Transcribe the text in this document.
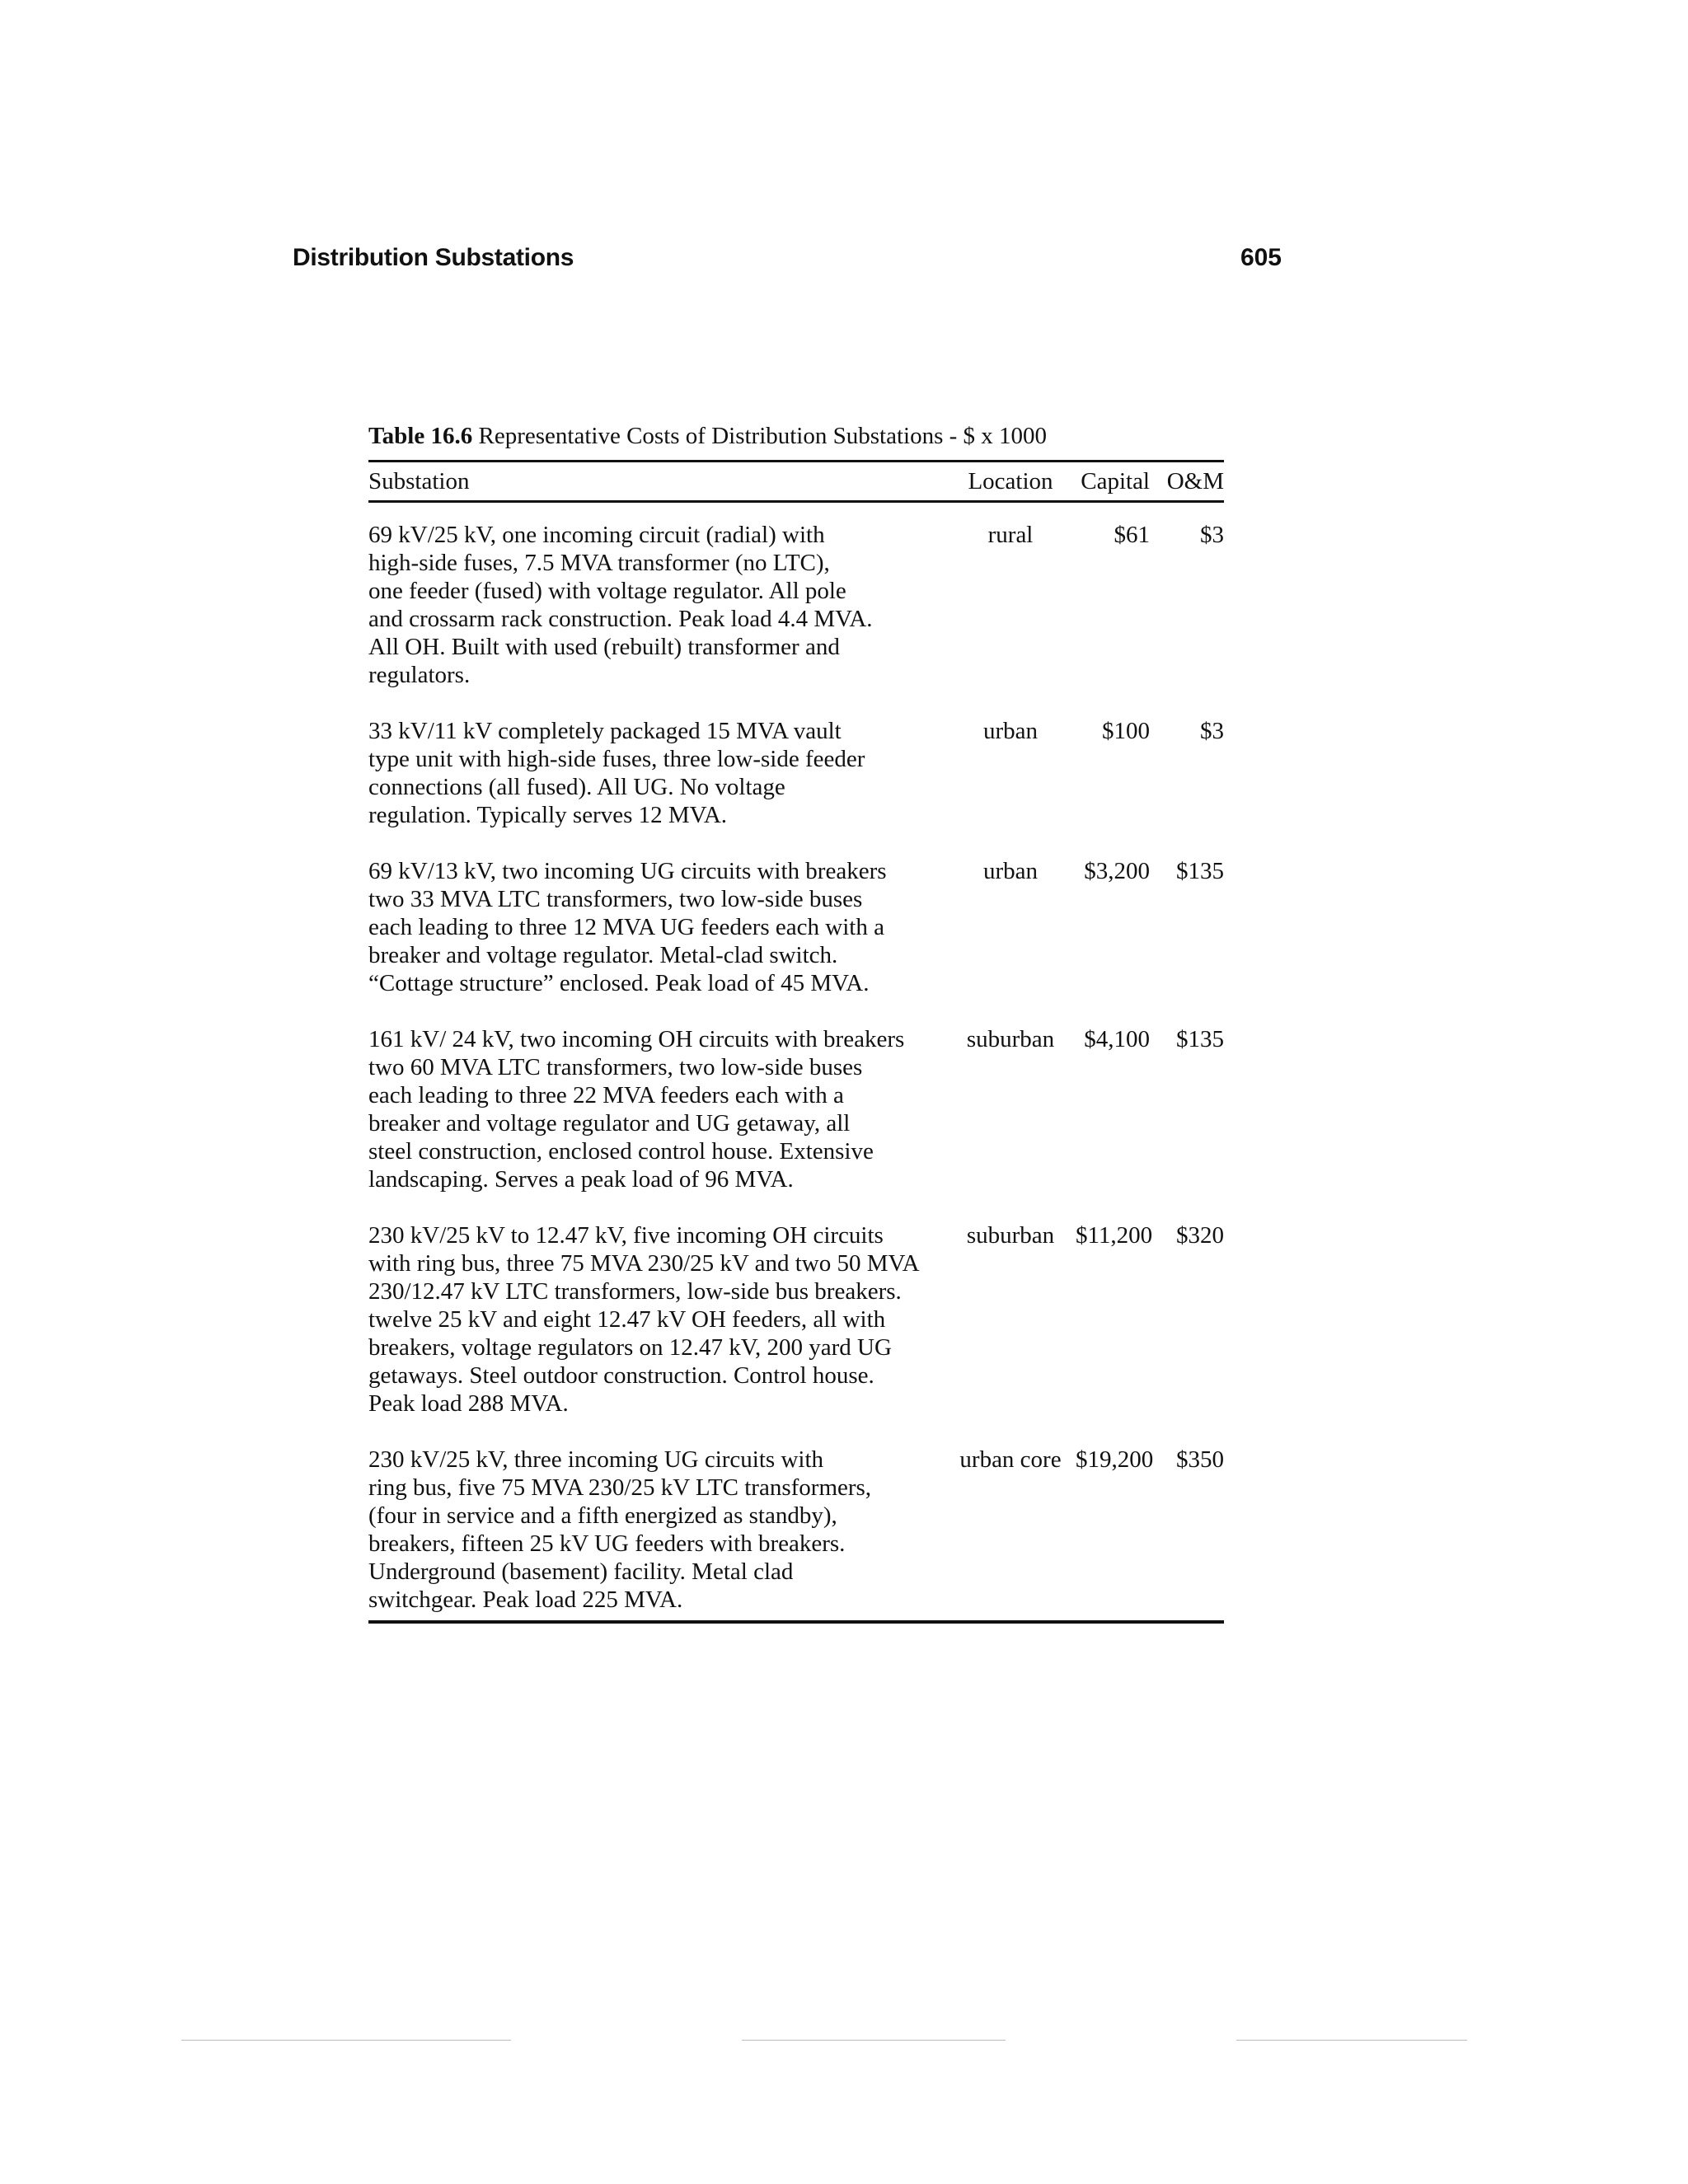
Distribution Substations	605
Table 16.6 Representative Costs of Distribution Substations - $ x 1000
Substation	Location	Capital O&M
69 kV/25 kV, one incoming circuit (radial) with
high-side fuses, 7.5 MVA transformer (no LTC),
one feeder (fused) with voltage regulator. All pole
and crossarm rack construction. Peak load 4.4 MVA.
All OH. Built with used (rebuilt) transformer and
regulators.
rural	$61	$3
33 kV/11 kV completely packaged 15 MVA vault
type unit with high-side fuses, three low-side feeder
connections (all fused). All UG. No voltage
regulation. Typically serves 12 MVA.
urban	$100	$3
69 kV/13 kV, two incoming UG circuits with breakers
two 33 MVA LTC transformers, two low-side buses
each leading to three 12 MVA UG feeders each with a
breaker and voltage regulator. Metal-clad switch.
“Cottage structure” enclosed. Peak load of 45 MVA.
urban	$3,200	$135
161 kV/ 24 kV, two incoming OH circuits with breakers
two 60 MVA LTC transformers, two low-side buses
each leading to three 22 MVA feeders each with a
breaker and voltage regulator and UG getaway, all
steel construction, enclosed control house. Extensive
landscaping. Serves a peak load of 96 MVA.
suburban	$4,100	$135
230 kV/25 kV to 12.47 kV, five incoming OH circuits
with ring bus, three 75 MVA 230/25 kV and two 50 MVA
230/12.47 kV LTC transformers, low-side bus breakers.
twelve 25 kV and eight 12.47 kV OH feeders, all with
breakers, voltage regulators on 12.47 kV, 200 yard UG
getaways. Steel outdoor construction. Control house.
Peak load 288 MVA.
suburban $11,200 $320
230 kV/25 kV, three incoming UG circuits with
ring bus, five 75 MVA 230/25 kV LTC transformers,
(four in service and a fifth energized as standby),
breakers, fifteen 25 kV UG feeders with breakers.
Underground (basement) facility. Metal clad
switchgear. Peak load 225 MVA.
urban core $19,200 $350
